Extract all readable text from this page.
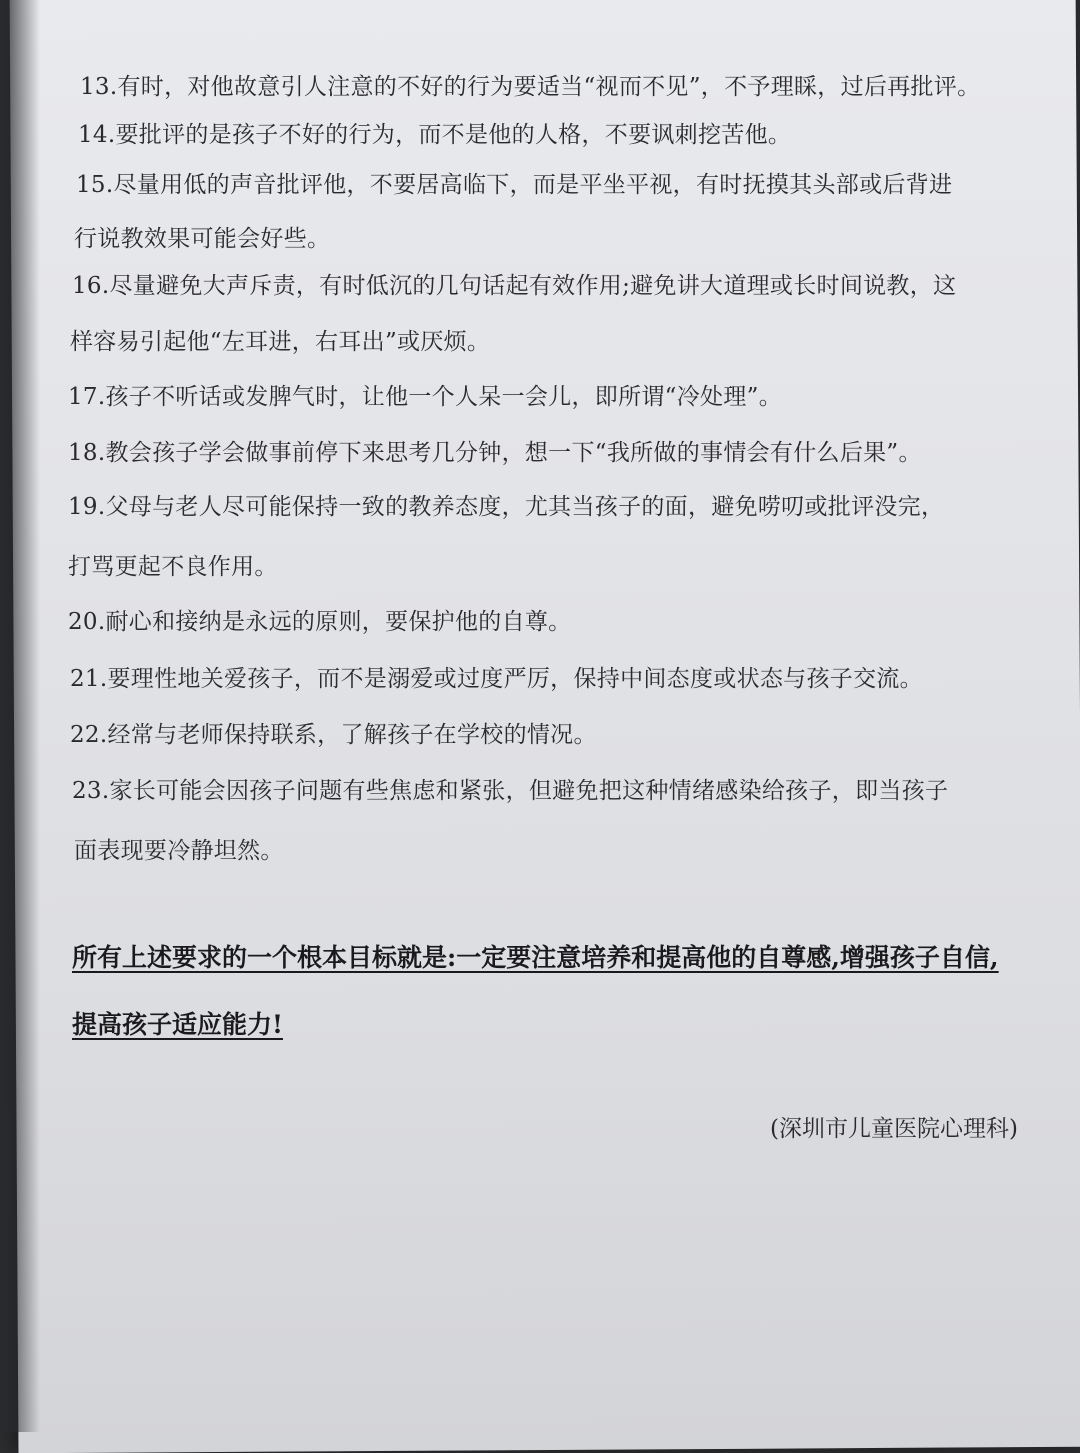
13.有时，对他故意引人注意的不好的行为要适当“视而不见”，不予理睬，过后再批评。
14.要批评的是孩子不好的行为，而不是他的人格，不要讽刺挖苦他。
15.尽量用低的声音批评他，不要居高临下，而是平坐平视，有时抚摸其头部或后背进
行说教效果可能会好些。
16.尽量避免大声斥责，有时低沉的几句话起有效作用;避免讲大道理或长时间说教，这
样容易引起他“左耳进，右耳出”或厌烦。
17.孩子不听话或发脾气时，让他一个人呆一会儿，即所谓“冷处理”。
18.教会孩子学会做事前停下来思考几分钟，想一下“我所做的事情会有什么后果”。
19.父母与老人尽可能保持一致的教养态度，尤其当孩子的面，避免唠叨或批评没完，
打骂更起不良作用。
20.耐心和接纳是永远的原则，要保护他的自尊。
21.要理性地关爱孩子，而不是溺爱或过度严厉，保持中间态度或状态与孩子交流。
22.经常与老师保持联系，了解孩子在学校的情况。
23.家长可能会因孩子问题有些焦虑和紧张，但避免把这种情绪感染给孩子，即当孩子
面表现要冷静坦然。
所有上述要求的一个根本目标就是:一定要注意培养和提高他的自尊感,增强孩子自信,
提高孩子适应能力!
(深圳市儿童医院心理科)
